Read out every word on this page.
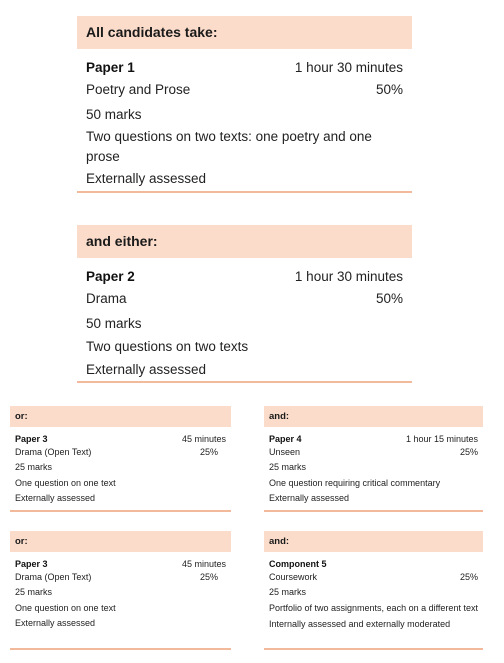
All candidates take:
Paper 1	1 hour 30 minutes
Poetry and Prose	50%
50 marks
Two questions on two texts: one poetry and one prose
Externally assessed
and either:
Paper 2	1 hour 30 minutes
Drama	50%
50 marks
Two questions on two texts
Externally assessed
or:
Paper 3	45 minutes
Drama (Open Text)	25%
25 marks
One question on one text
Externally assessed
and:
Paper 4	1 hour 15 minutes
Unseen	25%
25 marks
One question requiring critical commentary
Externally assessed
or:
Paper 3	45 minutes
Drama (Open Text)	25%
25 marks
One question on one text
Externally assessed
and:
Component 5
Coursework	25%
25 marks
Portfolio of two assignments, each on a different text
Internally assessed and externally moderated
